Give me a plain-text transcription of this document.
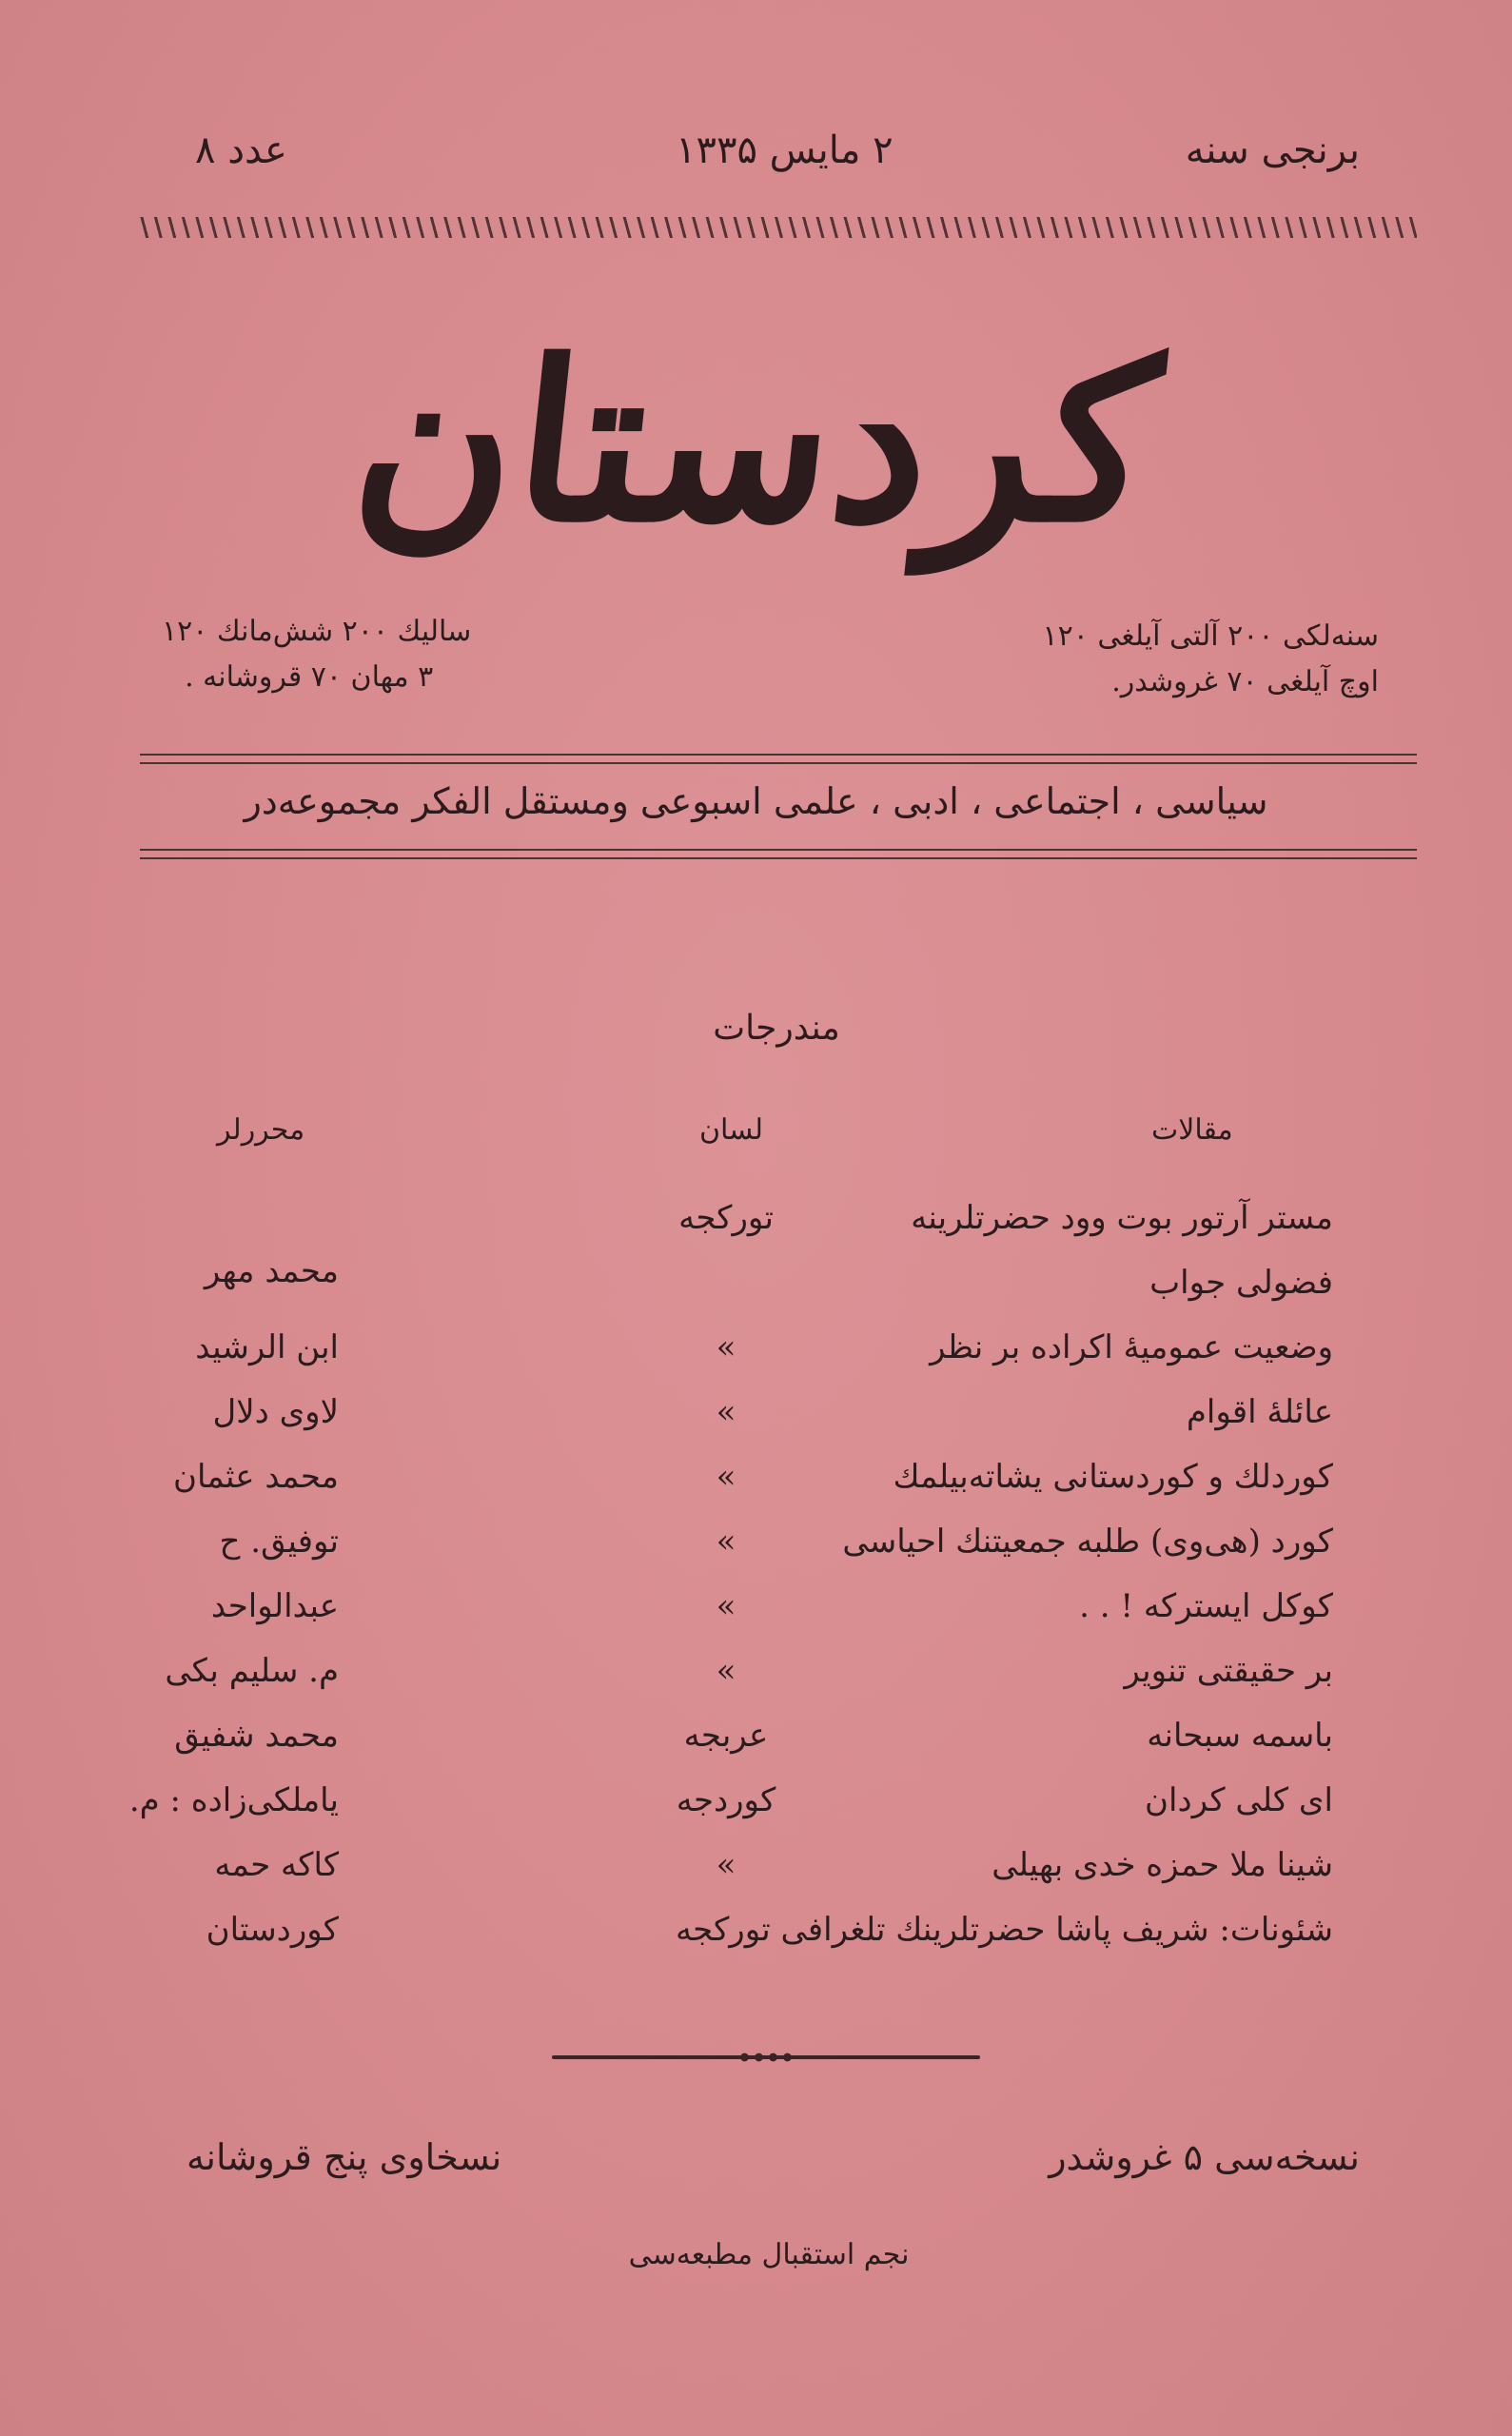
برنجی سنه
۲ مايس ۱۳۳۵
عدد ۸
کردستان
سنه‌لکی ۲۰۰ آلتی آیلغی ۱۲۰
اوچ آیلغی ۷۰ غروشدر.
سالیك ۲۰۰ شش‌مانك ۱۲۰
۳ مهان ۷۰ قروشانه .
سیاسی ، اجتماعی ، ادبی ، علمی اسبوعی ومستقل الفکر مجموعه‌در
مندرجات
مقالات
لسان
محررلر
مستر آرتور بوت وود حضرتلرینه
تورکجه
فضولی جواب
محمد مهر
وضعیت عمومیهٔ اکراده بر نظر
»
ابن الرشید
عائلهٔ اقوام
»
لاوی دلال
کوردلك و کوردستانی یشاته‌بیلمك
»
محمد عثمان
کورد (هی‌وی) طلبه جمعیتنك احیاسی
»
توفیق. ح
کوکل ایسترکه ! . .
»
عبدالواحد
بر حقیقتی تنویر
»
م. سلیم بکی
باسمه سبحانه
عربجه
محمد شفیق
ای کلی کردان
کوردجه
یاملکی‌زاده : م.
شینا ملا حمزه خدی بهیلی
»
کاکه حمه
شئونات: شریف پاشا حضرتلرینك تلغرافی تورکجه
کوردستان
نسخه‌سی ۵ غروشدر
نسخاوی پنج قروشانه
نجم استقبال مطبعه‌سی
